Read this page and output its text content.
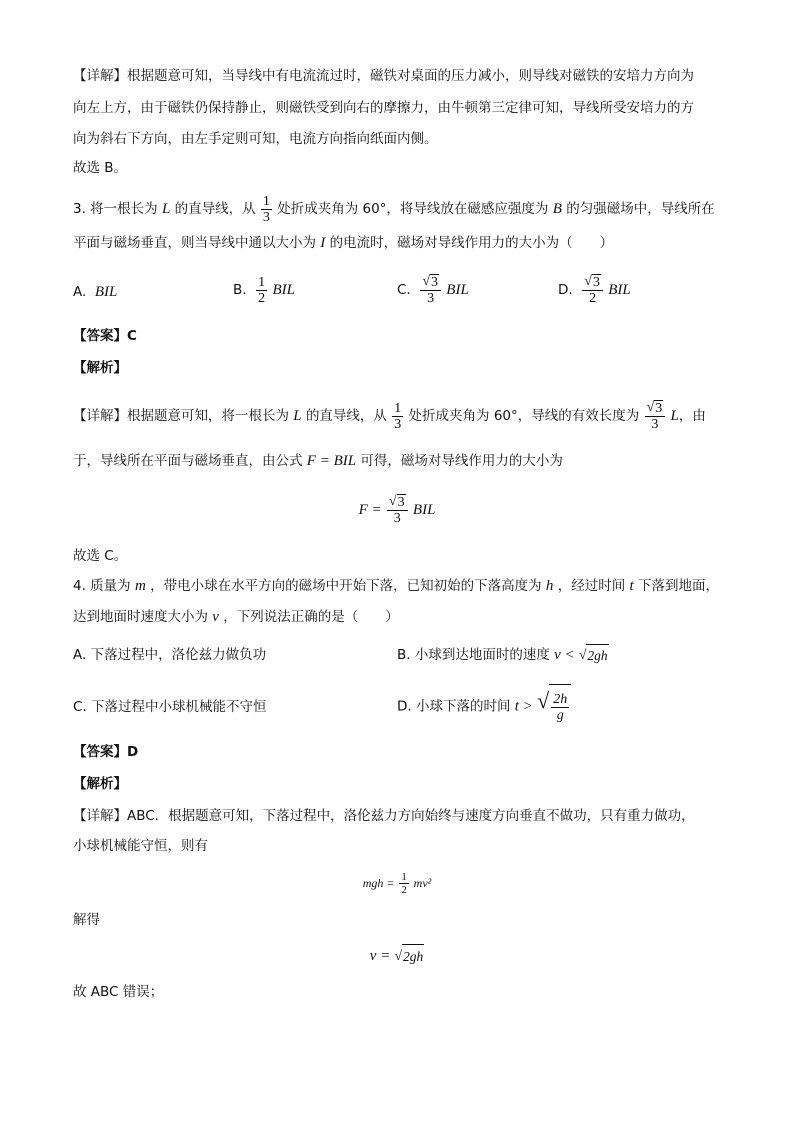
【详解】根据题意可知，当导线中有电流流过时，磁铁对桌面的压力减小，则导线对磁铁的安培力方向为
向左上方，由于磁铁仍保持静止，则磁铁受到向右的摩擦力，由牛顿第三定律可知，导线所受安培力的方
向为斜右下方向，由左手定则可知，电流方向指向纸面内侧。
故选 B。
3. 将一根长为 L 的直导线，从 $\frac{1}{3}$ 处折成夹角为 60°，将导线放在磁感应强度为 B 的匀强磁场中，导线所在
平面与磁场垂直，则当导线中通以大小为 I 的电流时，磁场对导线作用力的大小为（　　）
A. BIL	B. $\frac{1}{2}$ BIL	C. $\frac{√ 3}{3}$ BIL	D. $\frac{√ 3}{2}$ BIL
【答案】C
【解析】
【详解】根据题意可知，将一根长为 L 的直导线，从 $\frac{1}{3}$ 处折成夹角为 60°，导线的有效长度为 $\frac{√ 3}{3}$ L，由
于，导线所在平面与磁场垂直，由公式 F = BIL 可得，磁场对导线作用力的大小为
$F = \frac{√ 3}{3}$ BIL
故选 C。
4. 质量为 m ，带电小球在水平方向的磁场中开始下落，已知初始的下落高度为 h ，经过时间 t 下落到地面，
达到地面时速度大小为 v ，下列说法正确的是（　　）
A. 下落过程中，洛伦兹力做负功	B. 小球到达地面时的速度 v < √ 2gh
C. 下落过程中小球机械能不守恒	D. 小球下落的时间 t > √ $\frac{2h}{g}$
【答案】D
【解析】
【详解】ABC．根据题意可知，下落过程中，洛伦兹力方向始终与速度方向垂直不做功，只有重力做功，
小球机械能守恒，则有
mgh = $\frac{1}{2} mv^2$
解得
v = √ 2gh
故 ABC 错误；
